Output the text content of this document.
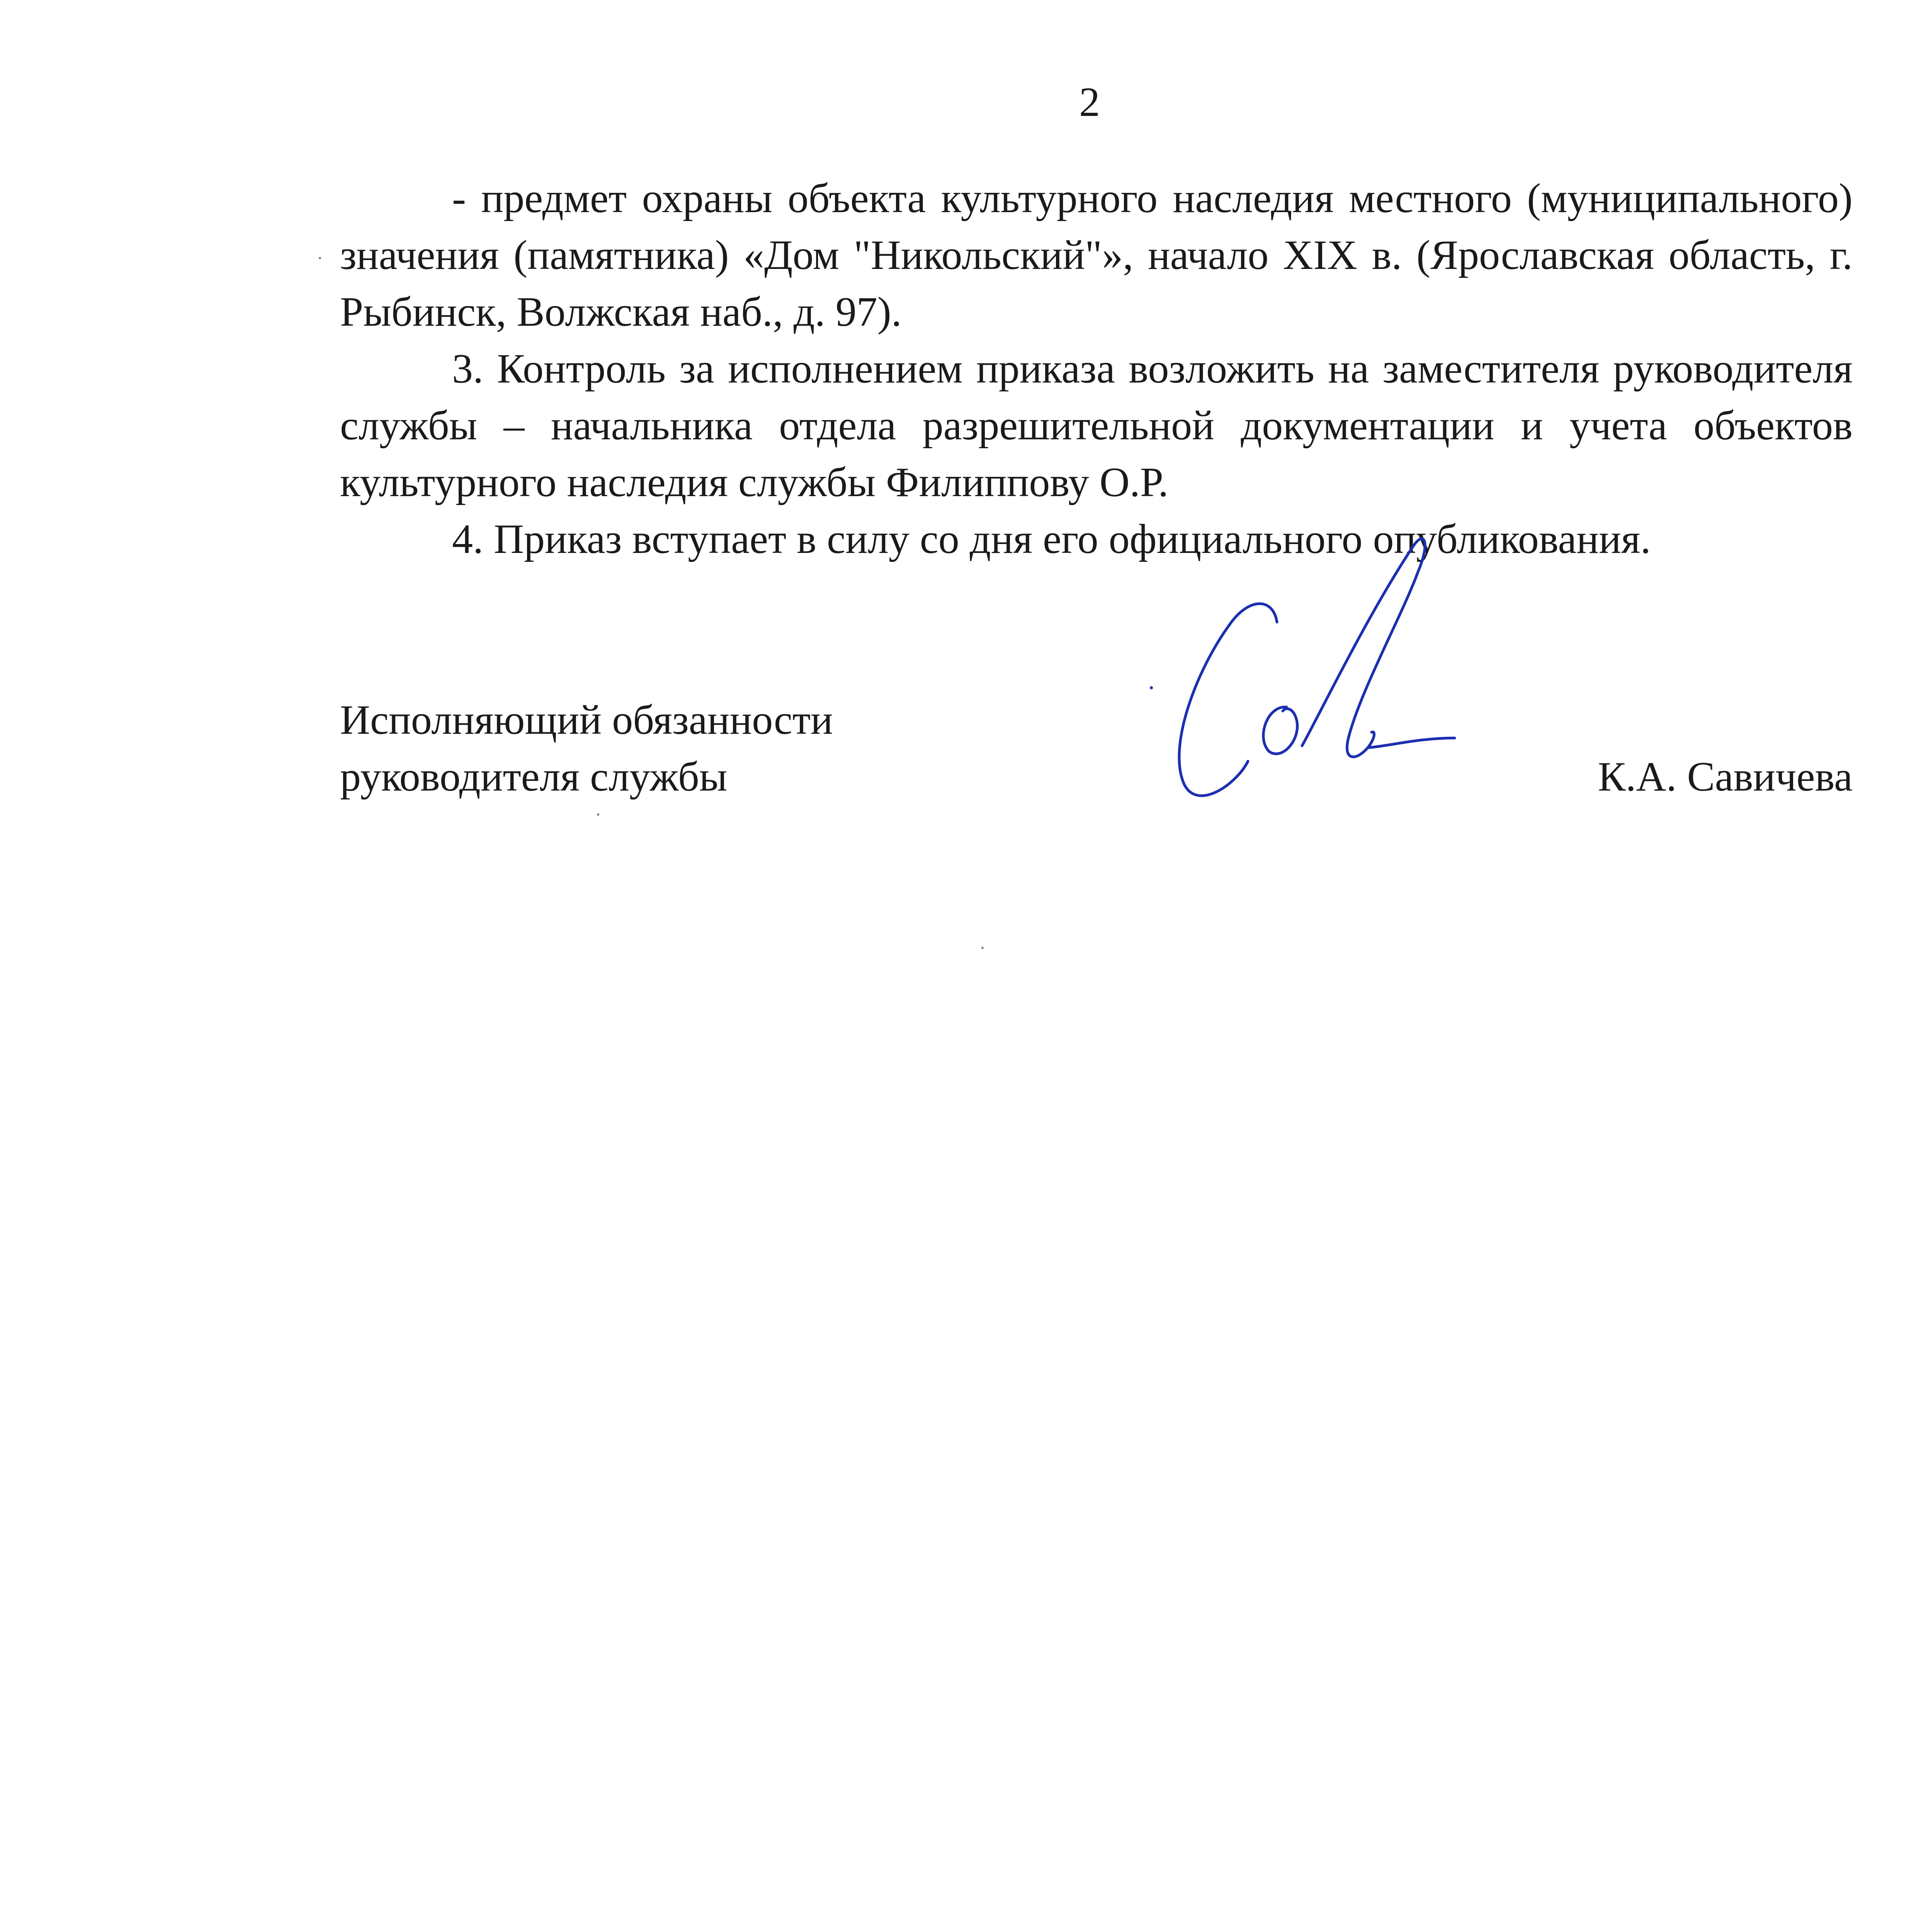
2

- предмет охраны объекта культурного наследия местного (муниципального) значения (памятника) «Дом "Никольский"», начало XIX в. (Ярославская область, г. Рыбинск, Волжская наб., д. 97).

3. Контроль за исполнением приказа возложить на заместителя руководителя службы – начальника отдела разрешительной документации и учета объектов культурного наследия службы Филиппову О.Р.

4. Приказ вступает в силу со дня его официального опубликования.

Исполняющий обязанности
руководителя службы	К.А. Савичева
